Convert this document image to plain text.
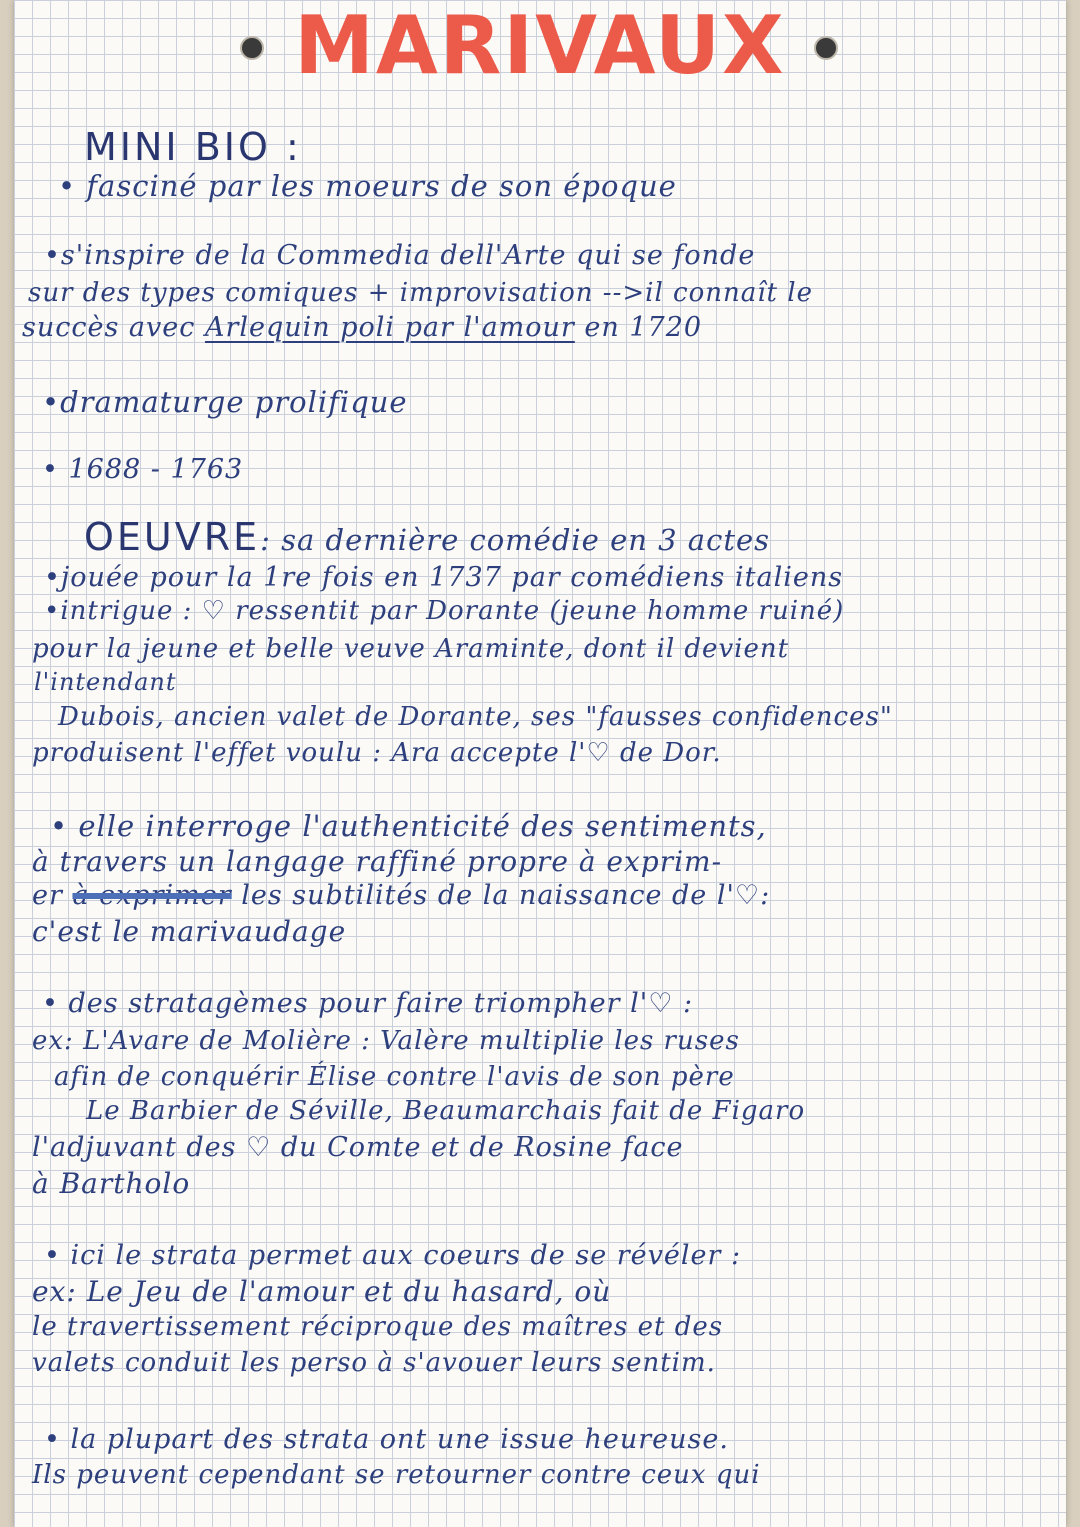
MARIVAUX
MINI BIO :
• fasciné par les moeurs de son époque
•s'inspire de la Commedia dell'Arte qui se fonde
sur des types comiques + improvisation -->il connaît le
succès avec Arlequin poli par l'amour en 1720
•dramaturge prolifique
• 1688 - 1763
OEUVRE: sa dernière comédie en 3 actes
•jouée pour la 1re fois en 1737 par comédiens italiens
•intrigue : ♡ ressentit par Dorante (jeune homme ruiné)
pour la jeune et belle veuve Araminte, dont il devient
l'intendant
Dubois, ancien valet de Dorante, ses "fausses confidences"
produisent l'effet voulu : Ara accepte l'♡ de Dor.
• elle interroge l'authenticité des sentiments,
à travers un langage raffiné propre à exprim-
er à exprimer les subtilités de la naissance de l'♡:
c'est le marivaudage
• des stratagèmes pour faire triompher l'♡ :
ex: L'Avare de Molière : Valère multiplie les ruses
afin de conquérir Élise contre l'avis de son père
Le Barbier de Séville, Beaumarchais fait de Figaro
l'adjuvant des ♡ du Comte et de Rosine face
à Bartholo
• ici le strata permet aux coeurs de se révéler :
ex: Le Jeu de l'amour et du hasard, où
le travertissement réciproque des maîtres et des
valets conduit les perso à s'avouer leurs sentim.
• la plupart des strata ont une issue heureuse.
Ils peuvent cependant se retourner contre ceux qui
